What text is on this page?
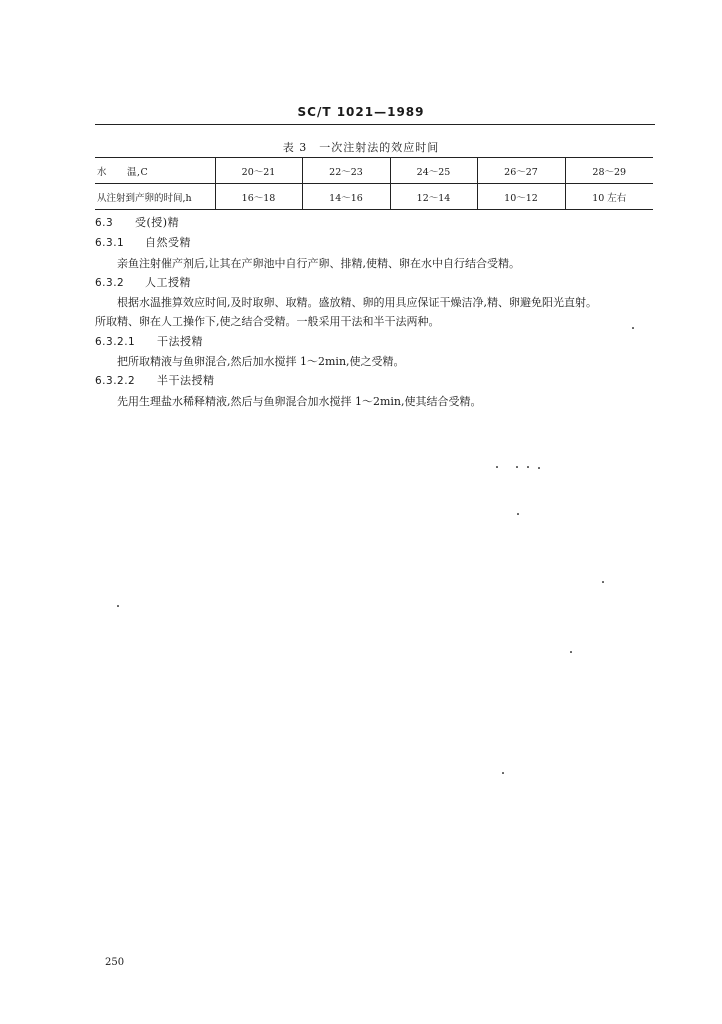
SC/T 1021—1989
表 3　一次注射法的效应时间
水　　温,C	20～21	22～23	24～25	26～27	28～29
从注射到产卵的时间,h	16～18	14～16	12～14	10～12	10 左右

6.3 受(授)精

6.3.1 自然受精

亲鱼注射催产剂后,让其在产卵池中自行产卵、排精,使精、卵在水中自行结合受精。

6.3.2 人工授精

根据水温推算效应时间,及时取卵、取精。盛放精、卵的用具应保证干燥洁净,精、卵避免阳光直射。

所取精、卵在人工操作下,使之结合受精。一般采用干法和半干法两种。

6.3.2.1 干法授精

把所取精液与鱼卵混合,然后加水搅拌 1～2min,使之受精。

6.3.2.2 半干法授精

先用生理盐水稀释精液,然后与鱼卵混合加水搅拌 1～2min,使其结合受精。

250
